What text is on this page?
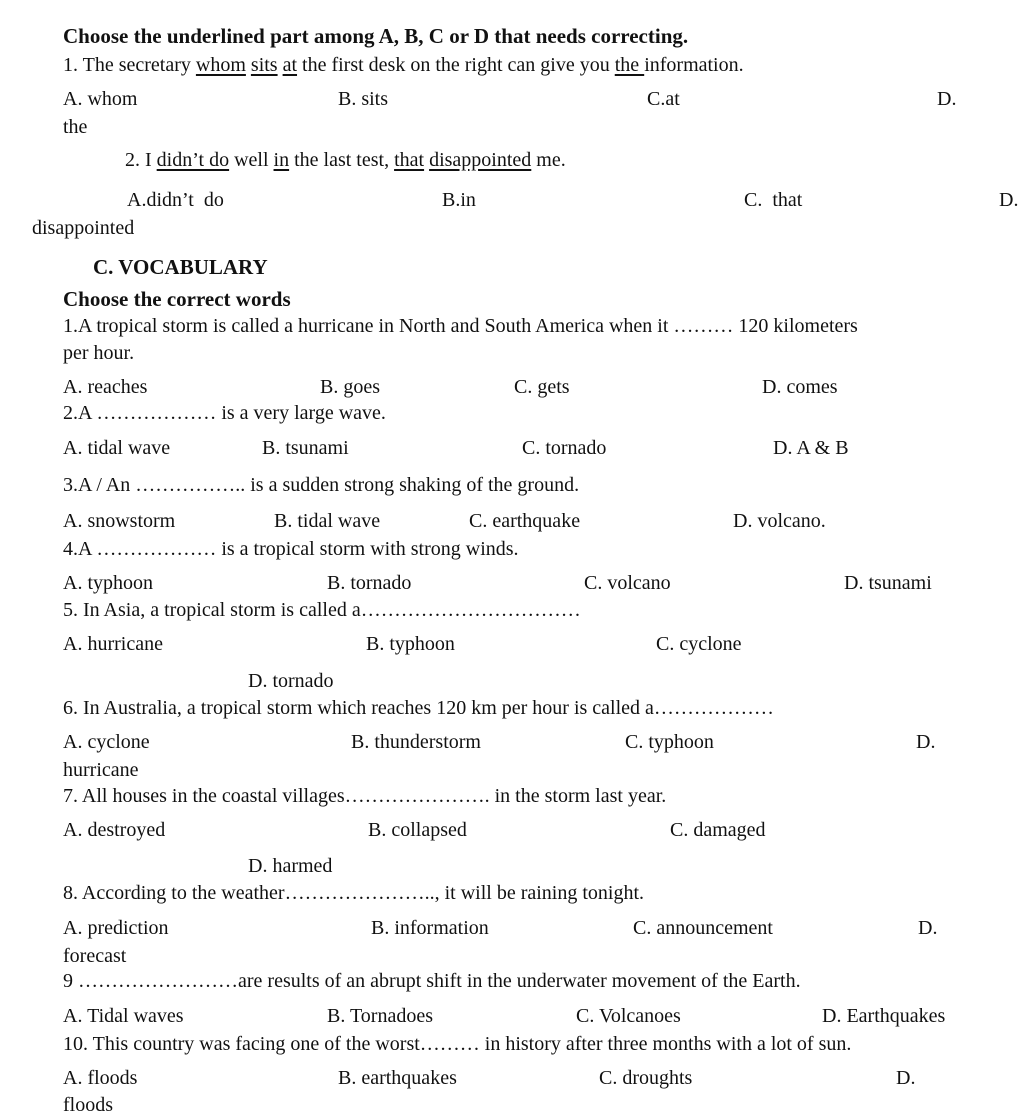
Choose the underlined part among A, B, C or D that needs correcting.
1. The secretary whom sits at the first desk on the right can give you the information.
A. whom	B. sits	C.at	D.
the
2. I didn’t do well in the last test, that disappointed me.
A.didn’t  do	B.in	C.  that	D.
disappointed
C. VOCABULARY
Choose the correct words
1.A tropical storm is called a hurricane in North and South America when it ……… 120 kilometers
per hour.
A. reaches	B. goes	C. gets	D. comes
2.A ……………… is a very large wave.
A. tidal wave	B. tsunami	C. tornado	D. A & B
3.A / An …………….. is a sudden strong shaking of the ground.
A. snowstorm	B. tidal wave	C. earthquake	D. volcano.
4.A ……………… is a tropical storm with strong winds.
A. typhoon	B. tornado	C. volcano	D. tsunami
5. In Asia, a tropical storm is called a……………………………
A. hurricane	B. typhoon	C. cyclone
D. tornado
6. In Australia, a tropical storm which reaches 120 km per hour is called a………………
A. cyclone	B. thunderstorm	C. typhoon	D.
hurricane
7. All houses in the coastal villages…………………. in the storm last year.
A. destroyed	B. collapsed	C. damaged
D. harmed
8. According to the weather………………….., it will be raining tonight.
A. prediction	B. information	C. announcement	D.
forecast
9 ……………………are results of an abrupt shift in the underwater movement of the Earth.
A. Tidal waves	B. Tornadoes	C. Volcanoes	D. Earthquakes
10. This country was facing one of the worst……… in history after three months with a lot of sun.
A. floods	B. earthquakes	C. droughts	D.
floods
